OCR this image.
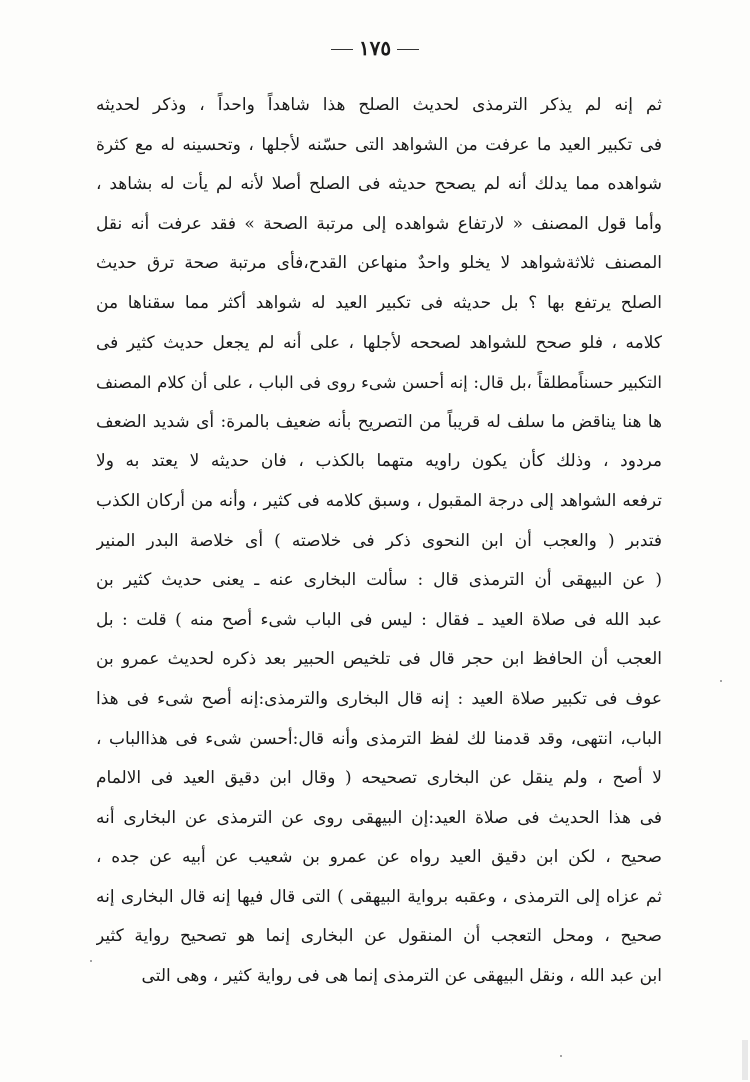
١٧٥
ثم إنه لم يذكر الترمذى لحديث الصلح هذا شاهداً واحداً ، وذكر لحديثه
فى تكبير العيد ما عرفت من الشواهد التى حسّنه لأجلها ، وتحسينه له مع كثرة
شواهده مما يدلك أنه لم يصحح حديثه فى الصلح أصلا لأنه لم يأت له بشاهد ،
وأما قول المصنف « لارتفاع شواهده إلى مرتبة الصحة » فقد عرفت أنه نقل
المصنف ثلاثةشواهد لا يخلو واحدٌ منهاعن القدح،فأى مرتبة صحة ترق حديث
الصلح يرتفع بها ؟ بل حديثه فى تكبير العيد له شواهد أكثر مما سقناها من
كلامه ، فلو صحح للشواهد لصححه لأجلها ، على أنه لم يجعل حديث كثير فى
التكبير حسناًمطلقاً ،بل قال: إنه أحسن شىء روى فى الباب ، على أن كلام المصنف
ها هنا يناقض ما سلف له قريباً من التصريح بأنه ضعيف بالمرة: أى شديد الضعف
مردود ، وذلك كأن يكون راويه متهما بالكذب ، فان حديثه لا يعتد به ولا
ترفعه الشواهد إلى درجة المقبول ، وسبق كلامه فى كثير ، وأنه من أركان الكذب
فتدبر ( والعجب أن ابن النحوى ذكر فى خلاصته ) أى خلاصة البدر المنير
( عن البيهقى أن الترمذى قال : سألت البخارى عنه ـ يعنى حديث كثير بن
عبد الله فى صلاة العيد ـ فقال : ليس فى الباب شىء أصح منه ) قلت : بل
العجب أن الحافظ ابن حجر قال فى تلخيص الحبير بعد ذكره لحديث عمرو بن
عوف فى تكبير صلاة العيد : إنه قال البخارى والترمذى:إنه أصح شىء فى هذا
الباب، انتهى، وقد قدمنا لك لفظ الترمذى وأنه قال:أحسن شىء فى هذاالباب ،
لا أصح ، ولم ينقل عن البخارى تصحيحه ( وقال ابن دقيق العيد فى الالمام
فى هذا الحديث فى صلاة العيد:إن البيهقى روى عن الترمذى عن البخارى أنه
صحيح ، لكن ابن دقيق العيد رواه عن عمرو بن شعيب عن أبيه عن جده ،
ثم عزاه إلى الترمذى ، وعقبه برواية البيهقى ) التى قال فيها إنه قال البخارى إنه
صحيح ، ومحل التعجب أن المنقول عن البخارى إنما هو تصحيح رواية كثير
ابن عبد الله ، ونقل البيهقى عن الترمذى إنما هى فى رواية كثير ، وهى التى
